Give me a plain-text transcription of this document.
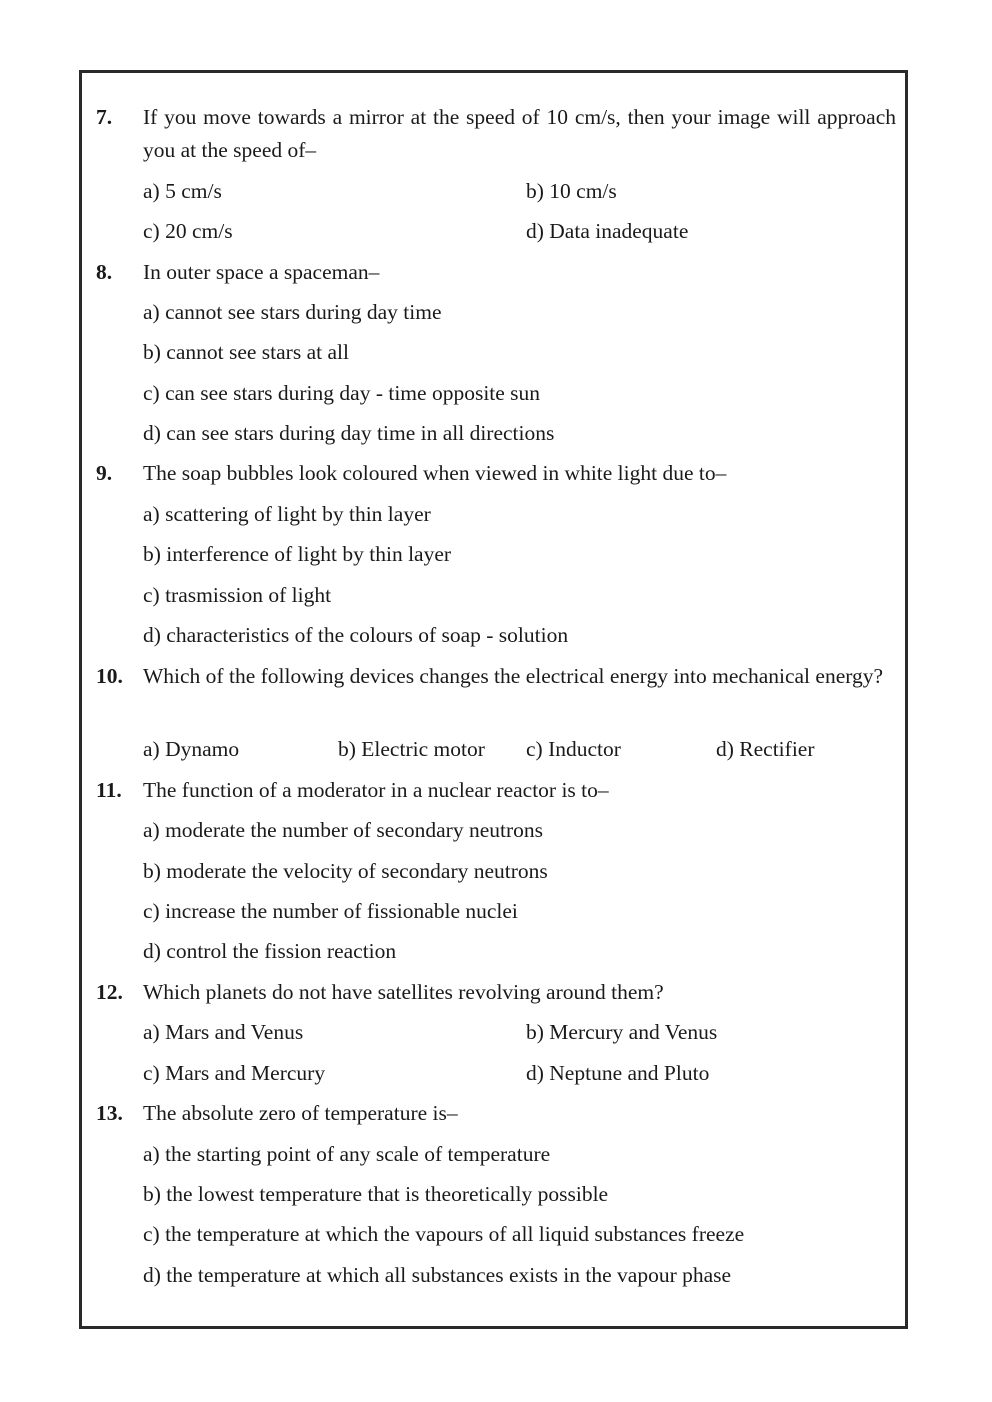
7. If you move towards a mirror at the speed of 10 cm/s, then your image will approach you at the speed of–
a) 5 cm/s	b) 10 cm/s
c) 20 cm/s	d) Data inadequate
8. In outer space a spaceman–
a) cannot see stars during day time
b) cannot see stars at all
c) can see stars during day - time opposite sun
d) can see stars during day time in all directions
9. The soap bubbles look coloured when viewed in white light due to–
a) scattering of light by thin layer
b) interference of light by thin layer
c) trasmission of light
d) characteristics of the colours of soap - solution
10. Which of the following devices changes the electrical energy into mechanical energy?
a) Dynamo	b) Electric motor c) Inductor	d) Rectifier
11. The function of a moderator in a nuclear reactor is to–
a) moderate the number of secondary neutrons
b) moderate the velocity of secondary neutrons
c) increase the number of fissionable nuclei
d) control the fission reaction
12. Which planets do not have satellites revolving around them?
a) Mars and Venus	b) Mercury and Venus
c) Mars and Mercury	d) Neptune and Pluto
13. The absolute zero of temperature is–
a) the starting point of any scale of temperature
b) the lowest temperature that is theoretically possible
c) the temperature at which the vapours of all liquid substances freeze
d) the temperature at which all substances exists in the vapour phase
